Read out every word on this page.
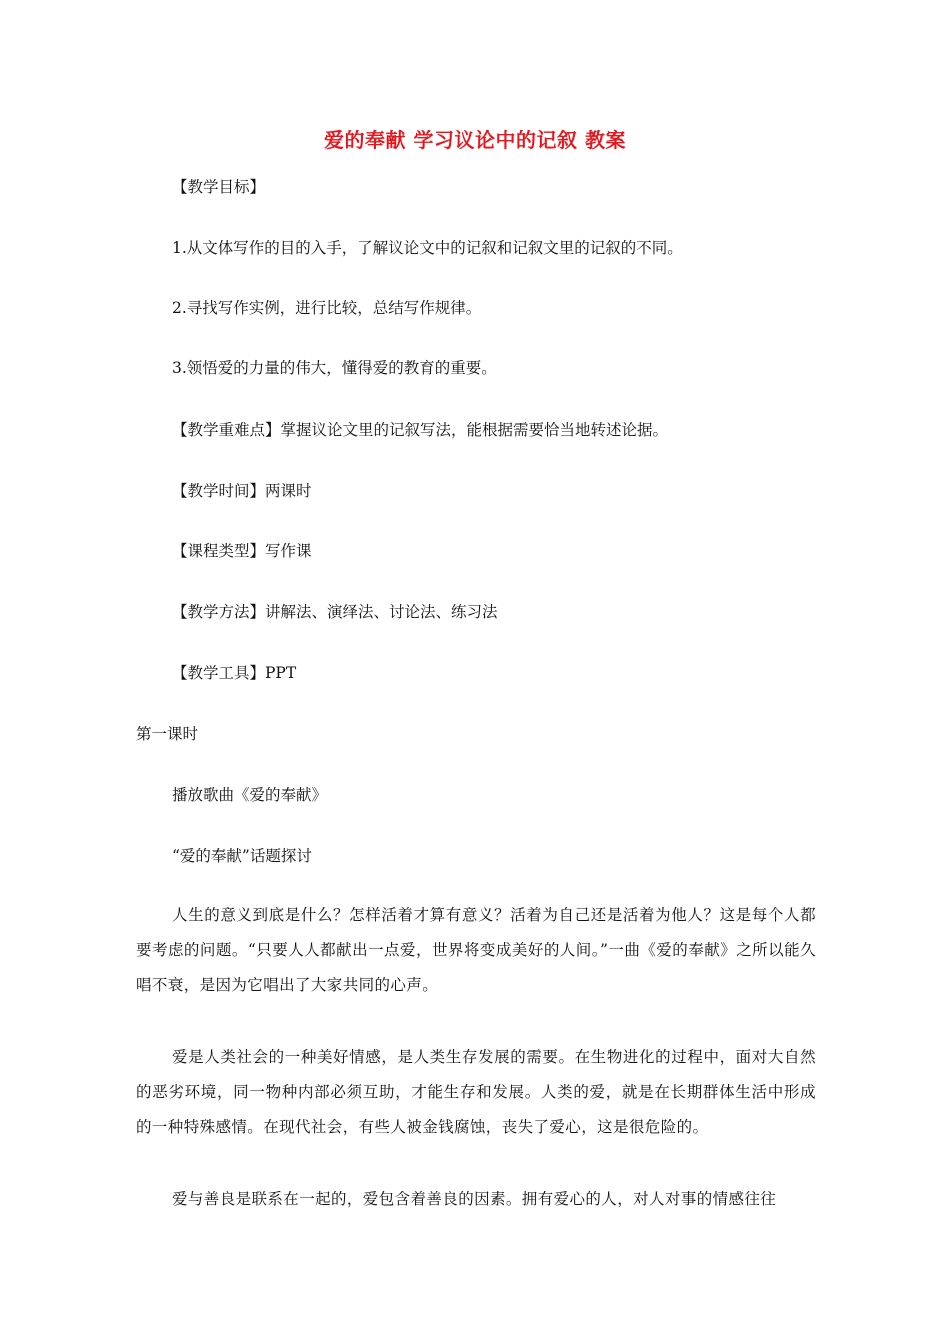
爱的奉献 学习议论中的记叙 教案
【教学目标】
1.从文体写作的目的入手，了解议论文中的记叙和记叙文里的记叙的不同。
2.寻找写作实例，进行比较，总结写作规律。
3.领悟爱的力量的伟大，懂得爱的教育的重要。
【教学重难点】掌握议论文里的记叙写法，能根据需要恰当地转述论据。
【教学时间】两课时
【课程类型】写作课
【教学方法】讲解法、演绎法、讨论法、练习法
【教学工具】PPT
第一课时
播放歌曲《爱的奉献》
“爱的奉献”话题探讨
人生的意义到底是什么？怎样活着才算有意义？活着为自己还是活着为他人？这是每个人都要考虑的问题。“只要人人都献出一点爱，世界将变成美好的人间。”一曲《爱的奉献》之所以能久唱不衰，是因为它唱出了大家共同的心声。
爱是人类社会的一种美好情感，是人类生存发展的需要。在生物进化的过程中，面对大自然的恶劣环境，同一物种内部必须互助，才能生存和发展。人类的爱，就是在长期群体生活中形成的一种特殊感情。在现代社会，有些人被金钱腐蚀，丧失了爱心，这是很危险的。
爱与善良是联系在一起的，爱包含着善良的因素。拥有爱心的人，对人对事的情感往往
